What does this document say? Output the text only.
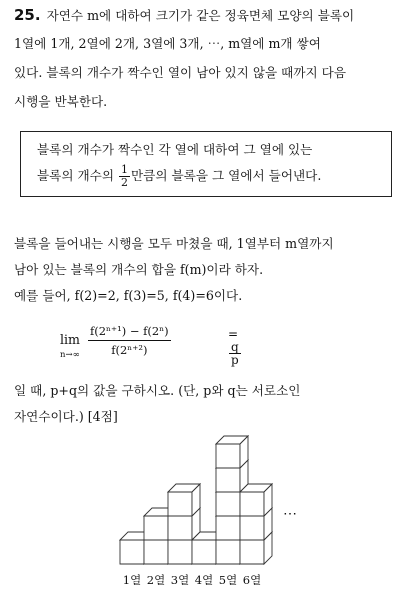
25. 자연수 m에 대하여 크기가 같은 정육면체 모양의 블록이
1열에 1개, 2열에 2개, 3열에 3개, ⋯, m열에 m개 쌓여
있다. 블록의 개수가 짝수인 열이 남아 있지 않을 때까지 다음
시행을 반복한다.
블록의 개수가 짝수인 각 열에 대하여 그 열에 있는
블록의 개수의 $\frac{1}{2}$ 만큼의 블록을 그 열에서 들어낸다.
블록을 들어내는 시행을 모두 마쳤을 때, 1열부터 m열까지
남아 있는 블록의 개수의 합을 f(m)이라 하자.
예를 들어, f(2)=2, f(3)=5, f(4)=6이다.
lim
n→∞
f(2ⁿ⁺¹) − f(2ⁿ)
f(2ⁿ⁺²)
=
$\frac{q}{p}$
일 때, p+q의 값을 구하시오. (단, p와 q는 서로소인
자연수이다.) [4점]
⋯
1열 2열 3열 4열 5열 6열
